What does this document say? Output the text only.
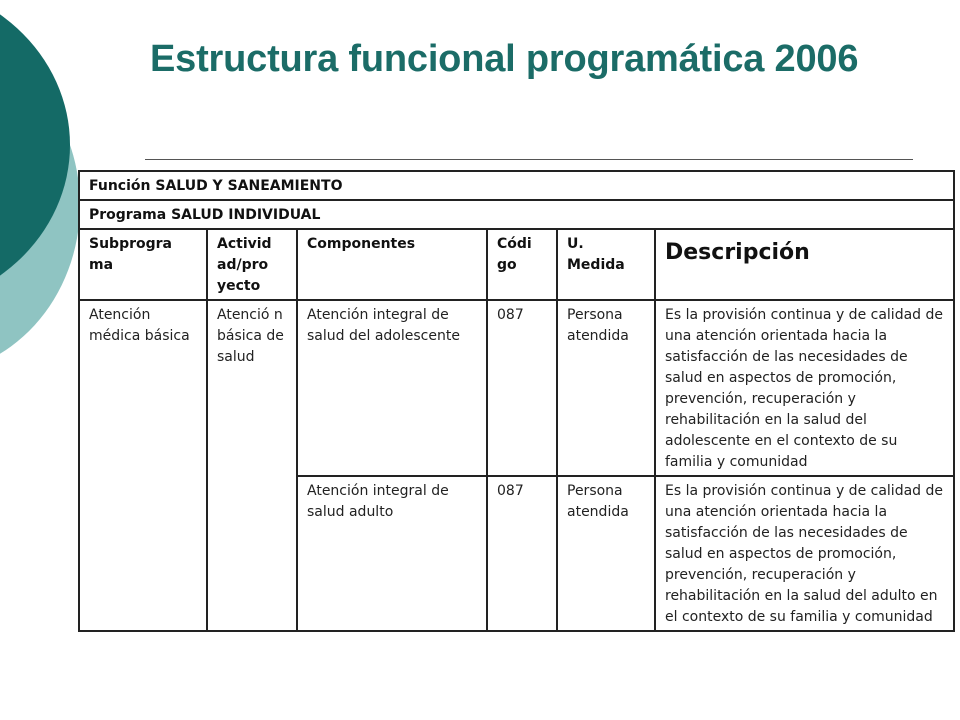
Estructura funcional programática 2006
Función SALUD Y SANEAMIENTO					
Programa SALUD INDIVIDUAL					
Subprogra ma	Activid ad/pro yecto	Componentes	Códi go	U. Medida	Descripción
Atención médica básica	Atenció n básica de salud	Atención integral de salud del adolescente	087	Persona atendida	Es la provisión continua y de calidad de una atención orientada hacia la satisfacción de las necesidades de salud en aspectos de promoción, prevención, recuperación y rehabilitación en la salud del adolescente en el contexto de su familia y comunidad
		Atención integral de salud adulto	087	Persona atendida	Es la provisión continua y de calidad de una atención orientada hacia la satisfacción de las necesidades de salud en aspectos de promoción, prevención, recuperación y rehabilitación en la salud del adulto en el contexto de su familia y comunidad
